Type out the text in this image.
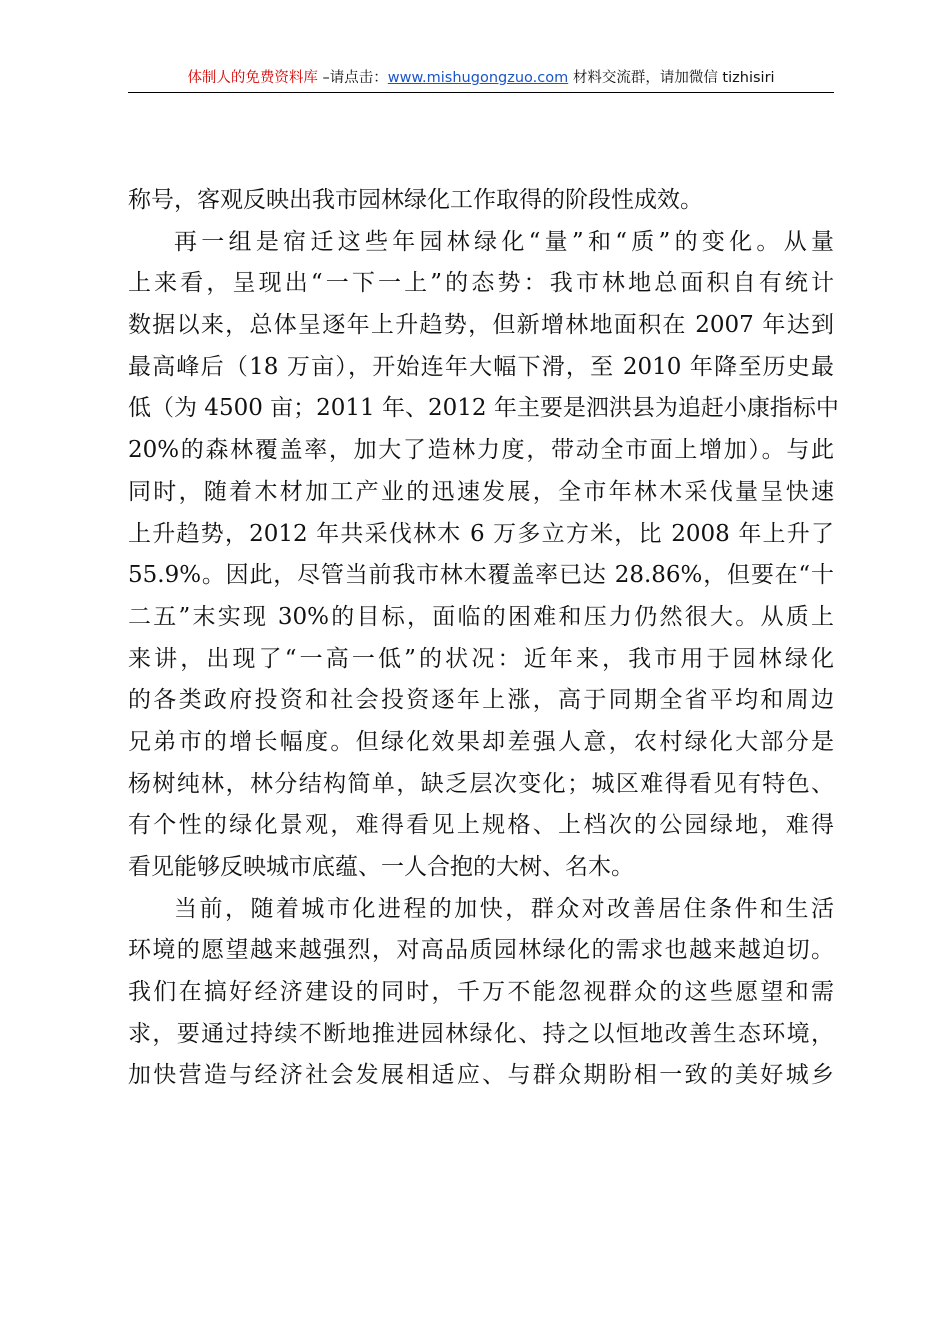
体制人的免费资料库 –请点击：www.mishugongzuo.com 材料交流群，请加微信 tizhisiri
称号，客观反映出我市园林绿化工作取得的阶段性成效。
再一组是宿迁这些年园林绿化“量”和“质”的变化。从量
上来看，呈现出“一下一上”的态势：我市林地总面积自有统计
数据以来，总体呈逐年上升趋势，但新增林地面积在 2007 年达到
最高峰后（18 万亩），开始连年大幅下滑，至 2010 年降至历史最
低（为 4500 亩；2011 年、2012 年主要是泗洪县为追赶小康指标中
20%的森林覆盖率，加大了造林力度，带动全市面上增加）。与此
同时，随着木材加工产业的迅速发展，全市年林木采伐量呈快速
上升趋势，2012 年共采伐林木 6 万多立方米，比 2008 年上升了
55.9%。因此，尽管当前我市林木覆盖率已达 28.86%，但要在“十
二五”末实现 30%的目标，面临的困难和压力仍然很大。从质上
来讲，出现了“一高一低”的状况：近年来，我市用于园林绿化
的各类政府投资和社会投资逐年上涨，高于同期全省平均和周边
兄弟市的增长幅度。但绿化效果却差强人意，农村绿化大部分是
杨树纯林，林分结构简单，缺乏层次变化；城区难得看见有特色、
有个性的绿化景观，难得看见上规格、上档次的公园绿地，难得
看见能够反映城市底蕴、一人合抱的大树、名木。
当前，随着城市化进程的加快，群众对改善居住条件和生活
环境的愿望越来越强烈，对高品质园林绿化的需求也越来越迫切。
我们在搞好经济建设的同时，千万不能忽视群众的这些愿望和需
求，要通过持续不断地推进园林绿化、持之以恒地改善生态环境，
加快营造与经济社会发展相适应、与群众期盼相一致的美好城乡
